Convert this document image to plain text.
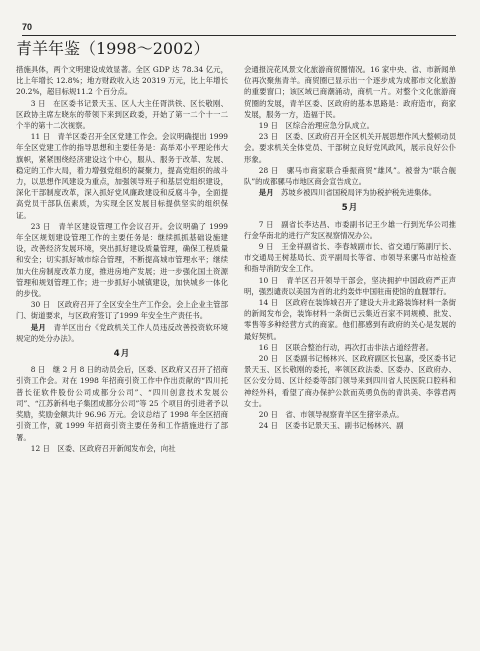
70
青羊年鉴（1998～2002）

措施具体，两个文明建设成效显著。全区 GDP 达 78.34 亿元，比上年增长 12.8%；地方财政收入达 20319 万元，比上年增长 20.2%，超目标规11.2 个百分点。

3 日　在区委书记景天玉、区人大主任胥洪铁、区长敬刚、区政协主席左晓东的带领下来到区政委，开始了第一二个十一二个半的第十二次视察。

11 日　青羊区委召开全区党建工作会。会议明确提出 1999 年全区党建工作的指导思想和主要任务是：高举邓小平理论伟大旗帜，紧紧围绕经济建设这个中心，服从、服务于改革、发展、稳定的工作大局，着力增强党组织的凝聚力，提高党组织的战斗力，以思想作风建设为重点，加强领导班子和基层党组织建设，深化干部制度改革，深入抓好党风廉政建设和反腐斗争，全面提高党员干部队伍素质，为实现全区发展目标提供坚实的组织保证。

23 日　青羊区建设管理工作会议召开。会议明确了 1999 年全区规划建设管理工作的主要任务是：继续抓抓基础设施建设，改善经济发展环境，突出抓好建设质量管理，确保工程质量和安全；切实抓好城市综合管理，不断提高城市管理水平；继续加大住房制度改革力度，推进房地产发展；进一步强化国土资源管理和规划管理工作；进一步抓好小城镇建设，加快城乡一体化的步伐。

30 日　区政府召开了全区安全生产工作会。会上企业主管部门、街道要求，与区政府签订了1999 年安全生产责任书。

是月　青羊区出台《党政机关工作人员违反改善投资软环境规定的处分办法》。

4月

8 日　继 2 月 8 日的动员会后，区委、区政府又召开了招商引资工作会。对在 1998 年招商引资工作中作出贡献的“四川托普长征软件股份公司成都分公司”、“四川创意技术发展公司”、“江苏新科电子集团成都分公司”等 25 个项目的引进者予以奖励，奖励金额共计 96.96 万元。会议总结了 1998 年全区招商引资工作，就 1999 年招商引资主要任务和工作措施进行了部署。

12 日　区委、区政府召开新闻发布会，向社

会通报浣花风景文化旅游商贸圈情况。16 家中央、省、市新闻单位再次聚焦青羊。商贸圈已显示出一个逐步成为成都市文化旅游的重要窗口；该区域已商潮涌动，商机一片。对整个文化旅游商贸圈的发展，青羊区委、区政府的基本思路是：政府造市，商家发展，服务一方，造福于民。

19 日　区综合治理应急分队成立。

23 日　区委、区政府召开全区机关开展思想作风大整顿动员会。要求机关全体党员、干部树立良好党风政风，展示良好公仆形象。

28 日　骡马市商家联合垂振商贸“雄风”。被誉为“联合舰队”的成都骡马市地区商会宣告成立。

是月　苏坡乡被四川省国税局评为协税护税先进集体。

5月

7 日　副省长李达昌、市委副书记王少雄一行到光华公司推行金华南北的进行产发区视察情况办公。

9 日　王金祥副省长、李春城副市长、省交通厅陈副厅长、市交通局王树基局长、贡平副局长等省、市领导来骡马市站检查和指导消防安全工作。

10 日　青羊区召开领导干部会，坚决拥护中国政府严正声明，强烈谴责以美国为首的北约轰炸中国驻南使馆的血腥罪行。

14 日　区政府在装饰城召开了建设大升北路装饰材料一条街的新闻发布会，装饰材料一条街已云集近百家不同规模、批发、零售等多种经营方式的商家。他们都感到有政府的关心是发展的最好契机。

16 日　区联合整治行动，再次打击非法占道经营者。

20 日　区委副书记杨林兴、区政府副区长包嘉，受区委书记景天玉、区长敬刚的委托，率领区政法委、区委办、区政府办、区公安分局、区计经委等部门领导来到四川省人民医院口腔科和神经外科，看望了商办保护公款而英勇负伤的青洪美、李蓉君两女士。

20 日　省、市领导视察青羊区生猪宰杀点。

24 日　区委书记景天玉、副书记杨林兴、副
